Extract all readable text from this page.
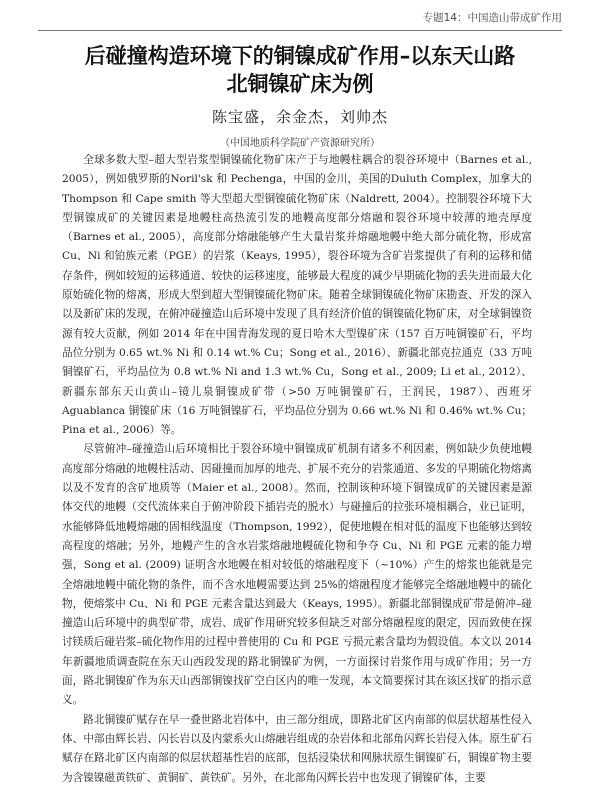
专题14：中国造山带成矿作用
后碰撞构造环境下的铜镍成矿作用–以东天山路
北铜镍矿床为例
陈宝盛，余金杰，刘帅杰
（中国地质科学院矿产资源研究所）

全球多数大型–超大型岩浆型铜镍硫化物矿床产于与地幔柱耦合的裂谷环境中（Barnes et al., 2005），例如俄罗斯的Noril'sk 和 Pechenga，中国的金川，美国的Duluth Complex，加拿大的Thompson 和 Cape smith 等大型超大型铜镍硫化物矿床（Naldrett, 2004）。控制裂谷环境下大型铜镍成矿的关键因素是地幔柱高热流引发的地幔高度部分熔融和裂谷环境中较薄的地壳厚度（Barnes et al., 2005），高度部分熔融能够产生大量岩浆并熔融地幔中绝大部分硫化物，形成富 Cu、Ni 和铂族元素（PGE）的岩浆（Keays, 1995），裂谷环境为含矿岩浆提供了有利的运移和储存条件，例如较短的运移通道、较快的运移速度，能够最大程度的减少早期硫化物的丢失进而最大化原始硫化物的熔离，形成大型到超大型铜镍硫化物矿床。随着全球铜镍硫化物矿床勘查、开发的深入以及新矿床的发现，在俯冲碰撞造山后环境中发现了具有经济价值的铜镍硫化物矿床，对全球铜镍资源有较大贡献，例如 2014 年在中国青海发现的夏日哈木大型镍矿床（157 百万吨铜镍矿石，平均品位分别为 0.65 wt.% Ni 和 0.14 wt.% Cu；Song et al., 2016）、新疆北部克拉通克（33 万吨铜镍矿石，平均品位为 0.8 wt.% Ni and 1.3 wt.% Cu，Song et al., 2009; Li et al., 2012）、新疆东部东天山黄山–镜儿泉铜镍成矿带（>50 万吨铜镍矿石，王润民，1987）、西班牙 Aguablanca 铜镍矿床（16 万吨铜镍矿石，平均品位分别为 0.66 wt.% Ni 和 0.46% wt.% Cu；Pina et al., 2006）等。

尽管俯冲–碰撞造山后环境相比于裂谷环境中铜镍成矿机制有诸多不利因素，例如缺少负使地幔高度部分熔融的地幔柱活动、因碰撞而加厚的地壳、扩展不充分的岩浆通道、多发的早期硫化物熔离以及不发育的含矿地质等（Maier et al., 2008）。然而，控制该种环境下铜镍成矿的关键因素是源体交代的地幔（交代流体来自于俯冲阶段下插岩壳的脱水）与碰撞后的拉张环境相耦合，业已证明，水能够降低地幔熔融的固相线温度（Thompson, 1992），促使地幔在相对低的温度下也能够达到较高程度的熔融；另外，地幔产生的含水岩浆熔融地幔硫化物和争夺 Cu、Ni 和 PGE 元素的能力增强，Song et al. (2009) 证明含水地幔在相对较低的熔融程度下（~10%）产生的熔浆也能就是完全熔融地幔中硫化物的条件，而不含水地幔需要达到 25%的熔融程度才能够完全熔融地幔中的硫化物，使熔浆中 Cu、Ni 和 PGE 元素含量达到最大（Keays, 1995）。新疆北部铜镍成矿带是俯冲–碰撞造山后环境中的典型矿带，成岩、成矿作用研究较多但缺乏对部分熔融程度的限定，因而致使在探讨镁质后碰岩浆–硫化物作用的过程中普使用的 Cu 和 PGE 亏损元素含量均为假设值。本文以 2014 年新疆地质调查院在东天山西段发现的路北铜镍矿为例，一方面探讨岩浆作用与成矿作用；另一方面，路北铜镍矿作为东天山西部铜镍找矿空白区内的唯一发现，本文简要探讨其在该区找矿的指示意义。

路北铜镍矿赋存在早一叠世路北岩体中，由三部分组成，即路北矿区内南部的似层状超基性侵入体、中部由辉长岩、闪长岩以及内蒙系火山熔融岩组成的杂岩体和北部角闪辉长岩侵入体。原生矿石赋存在路北矿区内南部的似层状超基性岩的底部，包括浸染状和网脉状原生铜镍矿石，铜镍矿物主要为含镍镍磁黄铁矿、黄铜矿、黄铁矿。另外，在北部角闪辉长岩中也发现了铜镍矿体，主要
